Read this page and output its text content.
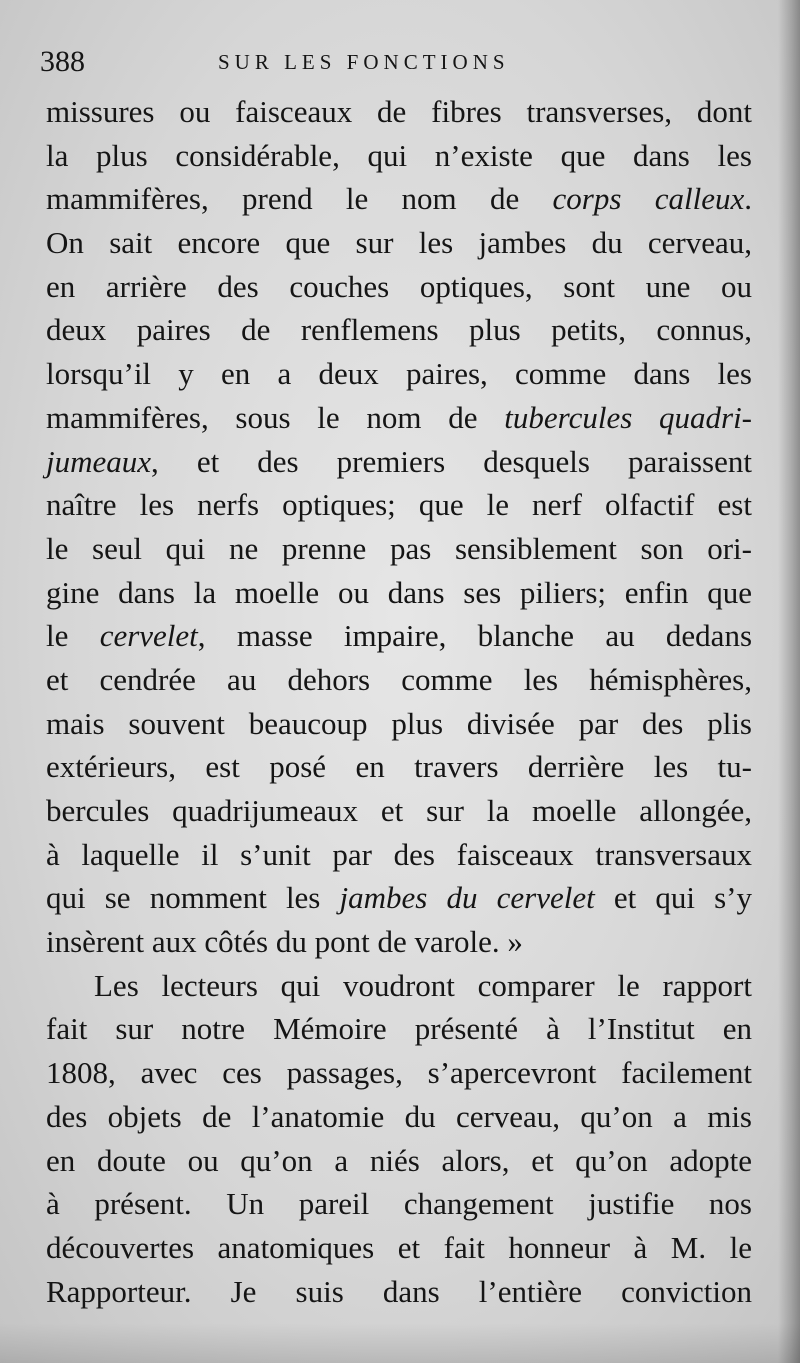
388	SUR LES FONCTIONS
missures ou faisceaux de fibres transverses, dont
la plus considérable, qui n’existe que dans les
mammifères, prend le nom de corps calleux.
On sait encore que sur les jambes du cerveau,
en arrière des couches optiques, sont une ou
deux paires de renflemens plus petits, connus,
lorsqu’il y en a deux paires, comme dans les
mammifères, sous le nom de tubercules quadri-
jumeaux, et des premiers desquels paraissent
naître les nerfs optiques; que le nerf olfactif est
le seul qui ne prenne pas sensiblement son ori-
gine dans la moelle ou dans ses piliers; enfin que
le cervelet, masse impaire, blanche au dedans
et cendrée au dehors comme les hémisphères,
mais souvent beaucoup plus divisée par des plis
extérieurs, est posé en travers derrière les tu-
bercules quadrijumeaux et sur la moelle allongée,
à laquelle il s’unit par des faisceaux transversaux
qui se nomment les jambes du cervelet et qui s’y
insèrent aux côtés du pont de varole. »
Les lecteurs qui voudront comparer le rapport
fait sur notre Mémoire présenté à l’Institut en
1808, avec ces passages, s’apercevront facilement
des objets de l’anatomie du cerveau, qu’on a mis
en doute ou qu’on a niés alors, et qu’on adopte
à présent. Un pareil changement justifie nos
découvertes anatomiques et fait honneur à M. le
Rapporteur. Je suis dans l’entière conviction
